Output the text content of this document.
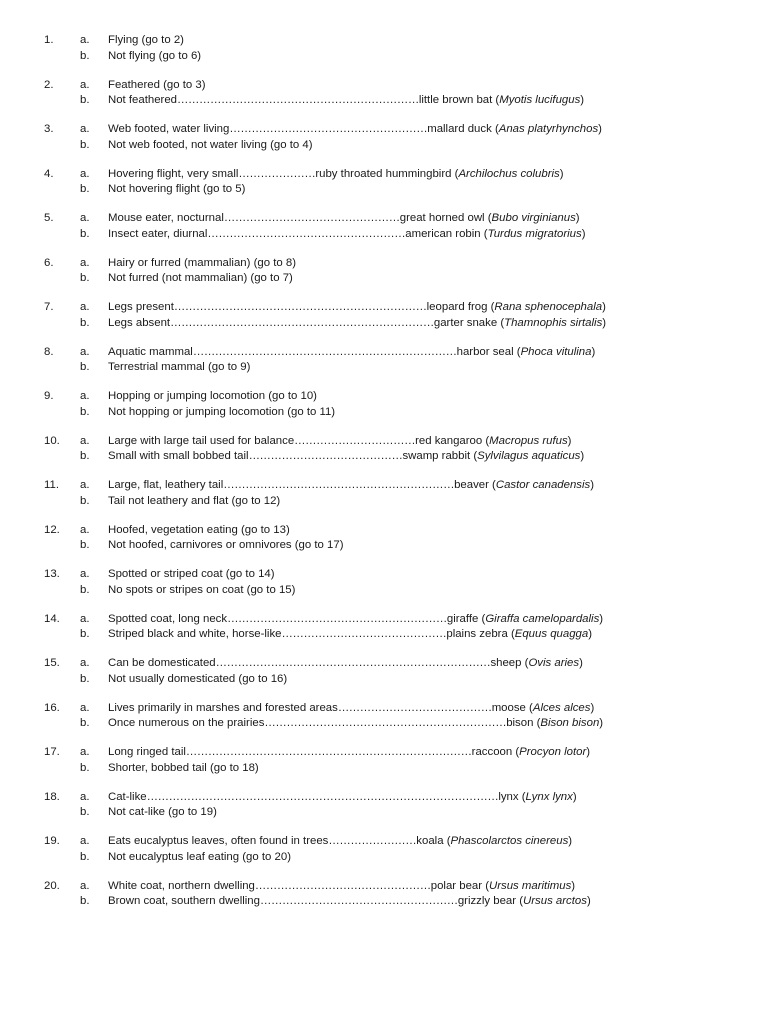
1.	a.	Flying (go to 2)
b.	Not flying (go to 6)
2.	a.	Feathered (go to 3)
b.	Not feathered…………………………………………………………little brown bat (Myotis lucifugus)
3.	a.	Web footed, water living………………………………………………mallard duck (Anas platyrhynchos)
b.	Not web footed, not water living (go to 4)
4.	a.	Hovering flight, very small…………………ruby throated hummingbird (Archilochus colubris)
b.	Not hovering flight (go to 5)
5.	a.	Mouse eater, nocturnal…………………………………………great horned owl (Bubo virginianus)
b.	Insect eater, diurnal………………………………………………american robin (Turdus migratorius)
6.	a.	Hairy or furred (mammalian) (go to 8)
b.	Not furred (not mammalian) (go to 7)
7.	a.	Legs present……………………………………………………………leopard frog (Rana sphenocephala)
b.	Legs absent………………………………………………………………garter snake (Thamnophis sirtalis)
8.	a.	Aquatic mammal………………………………………………………………harbor seal (Phoca vitulina)
b.	Terrestrial mammal (go to 9)
9.	a.	Hopping or jumping locomotion (go to 10)
b.	Not hopping or jumping locomotion (go to 11)
10.	a.	Large with large tail used for balance……………………………red kangaroo (Macropus rufus)
b.	Small with small bobbed tail……………………………………swamp rabbit (Sylvilagus aquaticus)
11.	a.	Large, flat, leathery tail………………………………………………………beaver (Castor canadensis)
b.	Tail not leathery and flat (go to 12)
12.	a.	Hoofed, vegetation eating (go to 13)
b.	Not hoofed, carnivores or omnivores (go to 17)
13.	a.	Spotted or striped coat (go to 14)
b.	No spots or stripes on coat (go to 15)
14.	a.	Spotted coat, long neck……………………………………………………giraffe (Giraffa camelopardalis)
b.	Striped black and white, horse-like………………………………………plains zebra (Equus quagga)
15.	a.	Can be domesticated…………………………………………………………………sheep (Ovis aries)
b.	Not usually domesticated (go to 16)
16.	a.	Lives primarily in marshes and forested areas……………………………………moose (Alces alces)
b.	Once numerous on the prairies…………………………………………………………bison (Bison bison)
17.	a.	Long ringed tail……………………………………………………………………raccoon (Procyon lotor)
b.	Shorter, bobbed tail (go to 18)
18.	a.	Cat-like……………………………………………………………………………………lynx (Lynx lynx)
b.	Not cat-like (go to 19)
19.	a.	Eats eucalyptus leaves, often found in trees……………………koala (Phascolarctos cinereus)
b.	Not eucalyptus leaf eating (go to 20)
20.	a.	White coat, northern dwelling…………………………………………polar bear (Ursus maritimus)
b.	Brown coat, southern dwelling………………………………………………grizzly bear (Ursus arctos)
